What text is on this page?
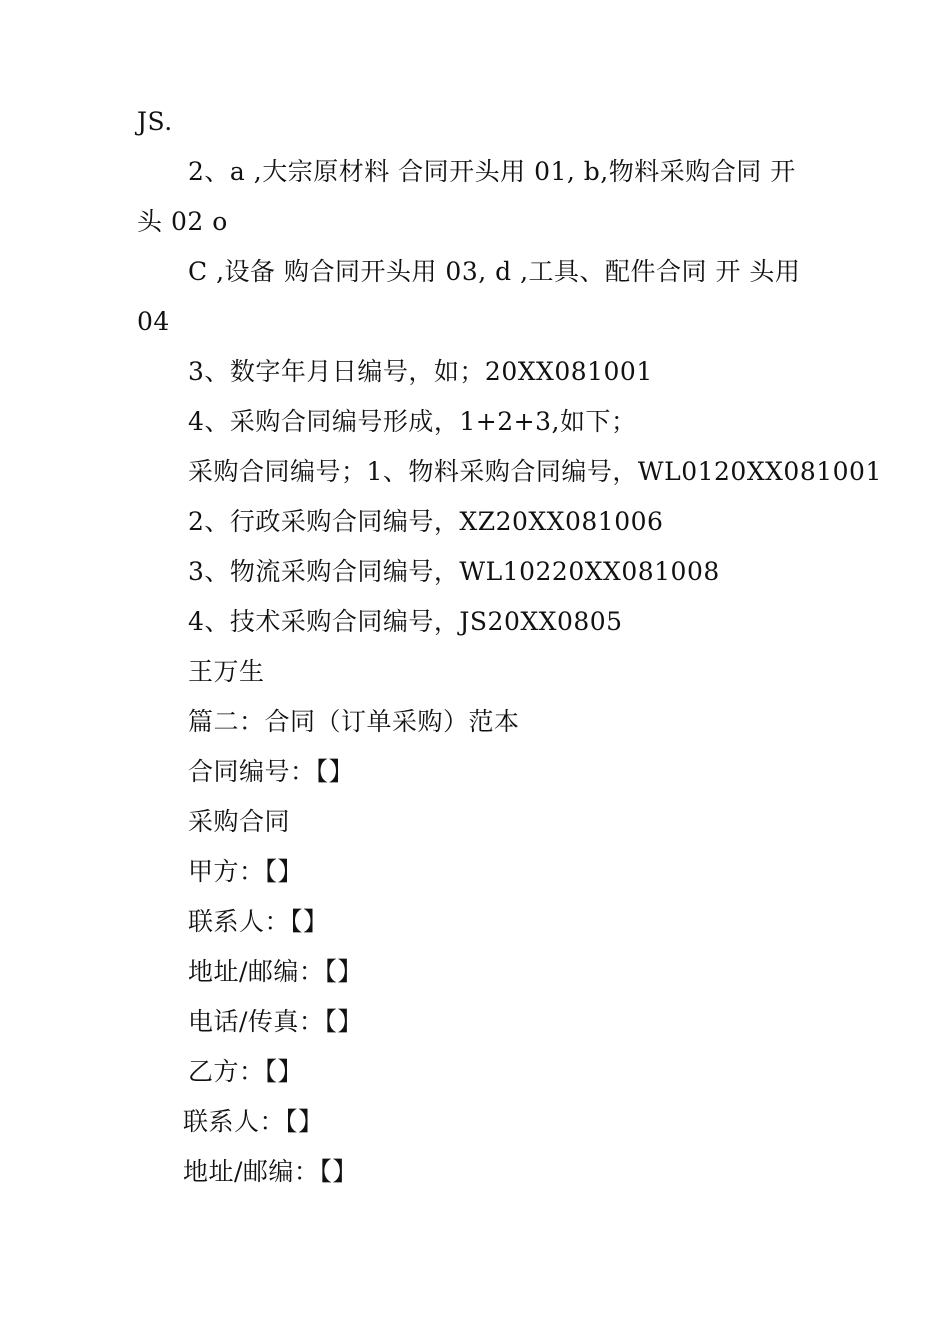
JS.
2、a ,大宗原材料 合同开头用 01, b,物料采购合同 开
头 02 o
C ,设备 购合同开头用 03, d ,工具、配件合同 开 头用
04
3、数字年月日编号，如；20XX081001
4、采购合同编号形成，1+2+3,如下；
采购合同编号；1、物料采购合同编号，WL0120XX081001
2、行政采购合同编号，XZ20XX081006
3、物流采购合同编号，WL10220XX081008
4、技术采购合同编号，JS20XX0805
王万生
篇二：合同（订单采购）范本
合同编号：【】
采购合同
甲方：【】
联系人：【】
地址/邮编：【】
电话/传真：【】
乙方：【】
联系人：【】
地址/邮编：【】
